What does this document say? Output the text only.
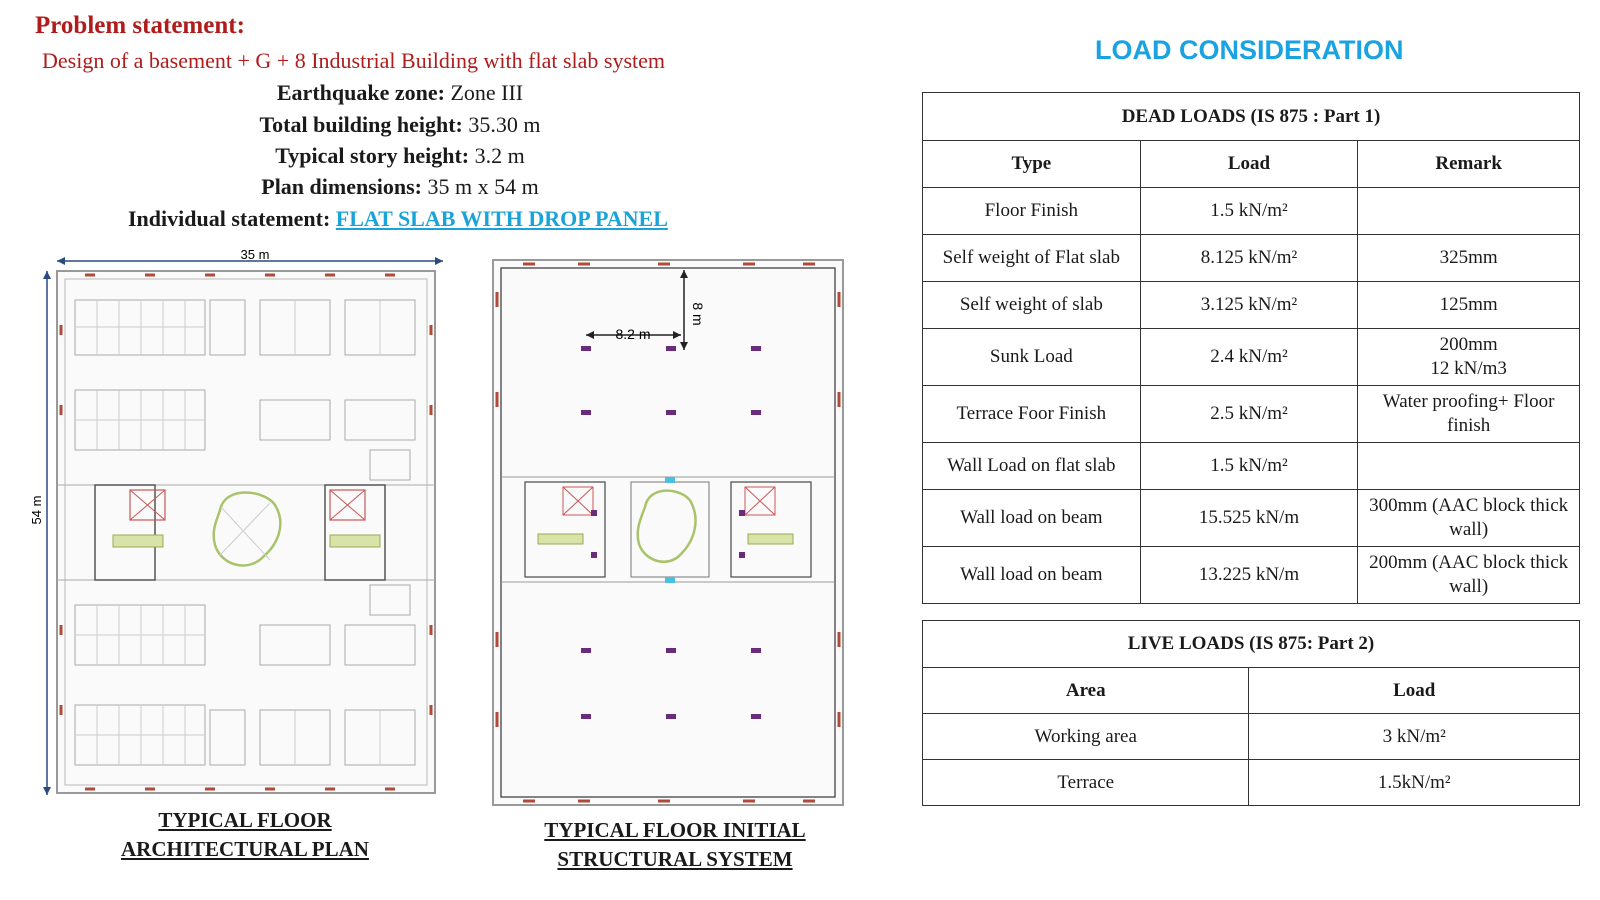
Problem statement:
Design of a basement + G + 8 Industrial Building with flat slab system
Earthquake zone: Zone III
Total building height: 35.30 m
Typical story height: 3.2 m
Plan dimensions: 35 m x 54 m
Individual statement: FLAT SLAB WITH DROP PANEL
35 m
54 m
TYPICAL FLOOR
ARCHITECTURAL PLAN
8.2 m
8 m
TYPICAL FLOOR INITIAL
STRUCTURAL SYSTEM
LOAD CONSIDERATION
DEAD LOADS (IS 875 : Part 1)		
Type	Load	Remark
Floor Finish	1.5 kN/m²	
Self weight of Flat slab	8.125 kN/m²	325mm
Self weight of slab	3.125 kN/m²	125mm
Sunk Load	2.4 kN/m²	200mm
12 kN/m3
Terrace Foor Finish	2.5 kN/m²	Water proofing+ Floor finish
Wall Load on flat slab	1.5 kN/m²	
Wall load on beam	15.525 kN/m	300mm (AAC block thick wall)
Wall load on beam	13.225 kN/m	200mm (AAC block thick wall)
LIVE LOADS (IS 875: Part 2)	
Area	Load
Working area	3 kN/m²
Terrace	1.5kN/m²
